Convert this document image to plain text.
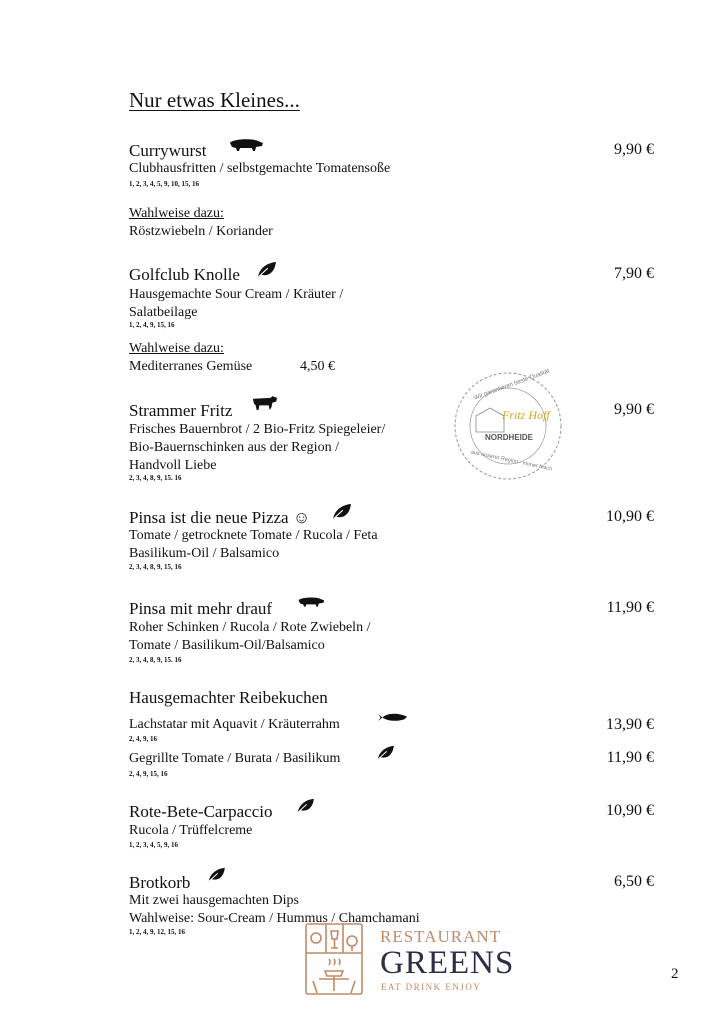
Nur etwas Kleines...
Currywurst	9,90 €
Clubhausfritten / selbstgemachte Tomatensoße
1, 2, 3, 4, 5, 9, 10, 15, 16
Wahlweise dazu:
Röstzwiebeln / Koriander
Golfclub Knolle	7,90 €
Hausgemachte Sour Cream / Kräuter /
Salatbeilage
1, 2, 4, 9, 15, 16
Wahlweise dazu:
Mediterranes Gemüse	4,50 €
Strammer Fritz	9,90 €
Frisches Bauernbrot / 2 Bio-Fritz Spiegeleier/
Bio-Bauernschinken aus der Region /
Handvoll Liebe
2, 3, 4, 8, 9, 15. 16
Wir garantieren beste Qualität
Fritz Hoff
NORDHEIDE
aus unserer Region · immer frisch
Pinsa ist die neue Pizza ☺	10,90 €
Tomate / getrocknete Tomate / Rucola / Feta
Basilikum-Oil / Balsamico
2, 3, 4, 8, 9, 15, 16
Pinsa mit mehr drauf	11,90 €
Roher Schinken / Rucola / Rote Zwiebeln /
Tomate / Basilikum-Oil/Balsamico
2, 3, 4, 8, 9, 15. 16
Hausgemachter Reibekuchen
Lachstatar mit Aquavit / Kräuterrahm	13,90 €
2, 4, 9, 16
Gegrillte Tomate / Burata / Basilikum	11,90 €
2, 4, 9, 15, 16
Rote-Bete-Carpaccio	10,90 €
Rucola / Trüffelcreme
1, 2, 3, 4, 5, 9, 16
Brotkorb	6,50 €
Mit zwei hausgemachten Dips
Wahlweise: Sour-Cream / Hummus / Chamchamani
1, 2, 4, 9, 12, 15, 16	RESTAURANT
GREENS
EAT DRINK ENJOY
2
